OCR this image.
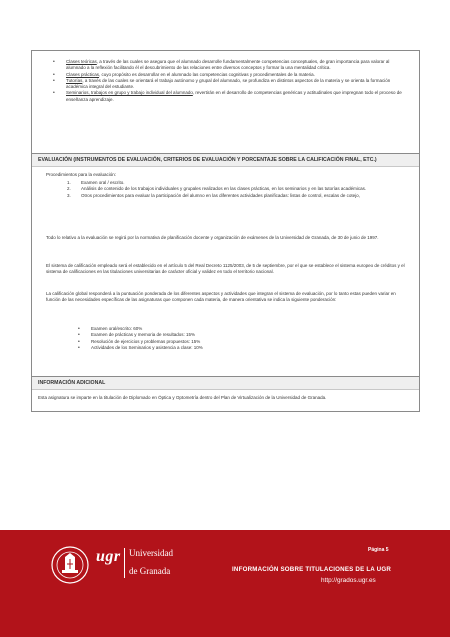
• Clases teóricas, a través de las cuales se asegura que el alumnado desarrolle fundamentalmente competencias conceptuales, de gran importancia para valorar al alumnado a la reflexión facilitando él el descubrimiento de las relaciones entre diversos conceptos y formar la una mentalidad crítica.
• Clases prácticas, cuyo propósito es desarrollar en el alumnado las competencias cognitivas y procedimentales de la materia.
• Tutorías, a través de las cuales se orientará el trabajo autónomo y grupal del alumnado, se profundiza en distintos aspectos de la materia y se orienta la formación académica integral del estudiante.
• Seminarios, trabajos en grupo y trabajo individual del alumnado, revertirán en el desarrollo de competencias genéricas y actitudinales que impregnan todo el proceso de enseñanza aprendizaje.
EVALUACIÓN (INSTRUMENTOS DE EVALUACIÓN, CRITERIOS DE EVALUACIÓN Y PORCENTAJE SOBRE LA CALIFICACIÓN FINAL, ETC.)
Procedimientos para la evaluación:
1. Examen oral / escrito.
2. Análisis de contenido de los trabajos individuales y grupales realizados en las clases prácticas, en los seminarios y en las tutorías académicas.
3. Otros procedimientos para evaluar la participación del alumno en las diferentes actividades planificadas: listas de control, escalas de cotejo,
Todo lo relativo a la evaluación se regirá por la normativa de planificación docente y organización de exámenes de la Universidad de Granada, de 30 de junio de 1997.
El sistema de calificación empleado será el establecido en el artículo 5 del Real Decreto 1125/2003, de 5 de septiembre, por el que se establece el sistema europeo de créditos y el sistema de calificaciones en las titulaciones universitarias de carácter oficial y validez en todo el territorio nacional.
La calificación global responderá a la puntuación ponderada de los diferentes aspectos y actividades que integran el sistema de evaluación, por lo tanto estas pueden variar en función de las necesidades específicas de las asignaturas que componen cada materia, de manera orientativa se indica la siguiente ponderación:
• Examen oral/escrito: 60%
• Examen de prácticas y memoria de resultados: 15%
• Resolución de ejercicios y problemas propuestos: 15%
• Actividades de los Seminarios y asistencia a clase: 10%
INFORMACIÓN ADICIONAL
Esta asignatura se imparte en la titulación de Diplomado en Óptica y Optometría dentro del Plan de Virtualización de la Universidad de Granada.
ugr Universidad
de Granada
Página 5
INFORMACIÓN SOBRE TITULACIONES DE LA UGR
http://grados.ugr.es
